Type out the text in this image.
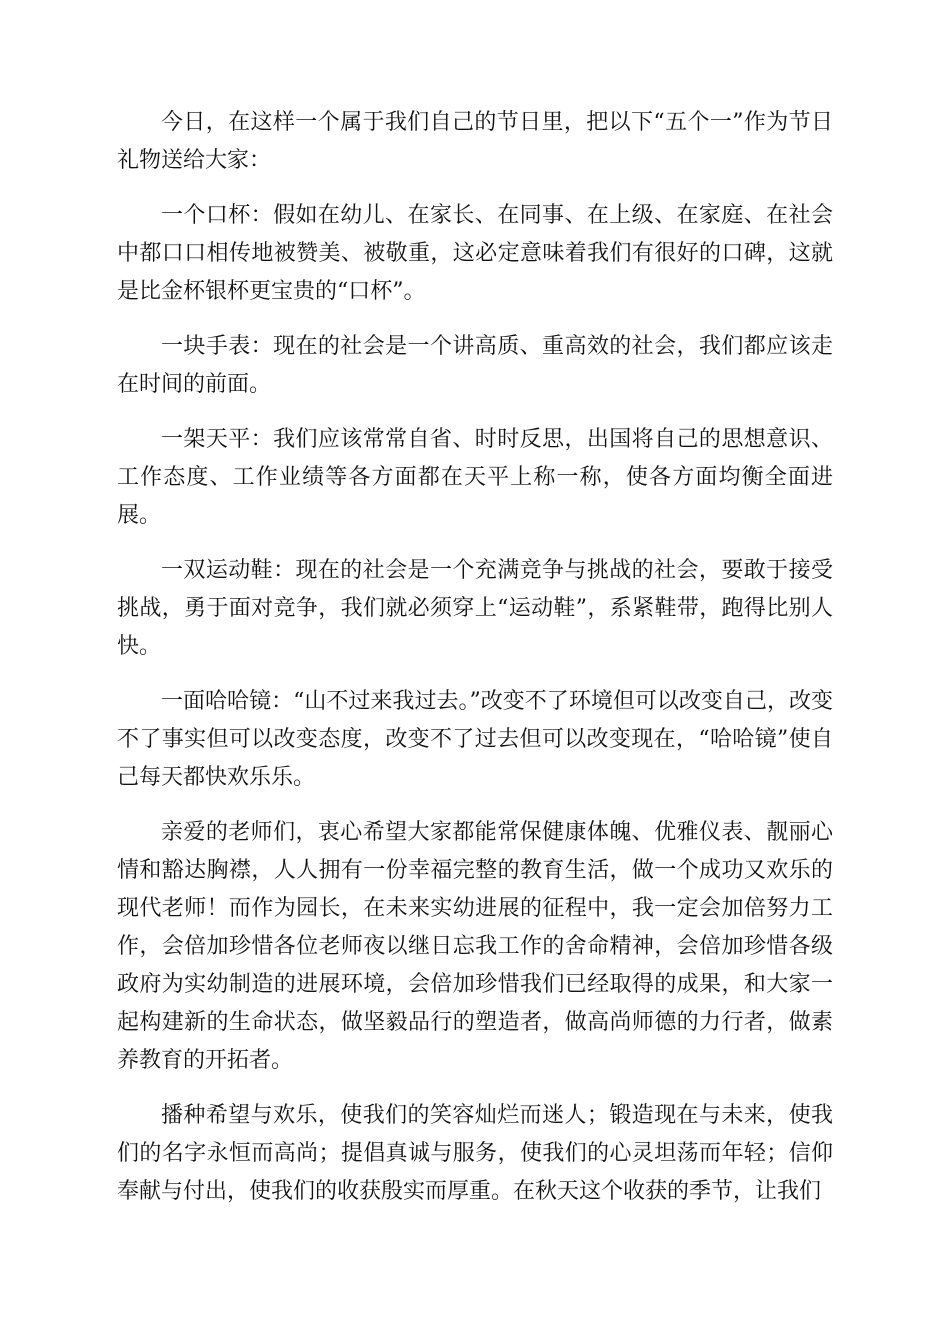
今日，在这样一个属于我们自己的节日里，把以下“五个一”作为节日礼物送给大家：

一个口杯：假如在幼儿、在家长、在同事、在上级、在家庭、在社会中都口口相传地被赞美、被敬重，这必定意味着我们有很好的口碑，这就是比金杯银杯更宝贵的“口杯”。

一块手表：现在的社会是一个讲高质、重高效的社会，我们都应该走在时间的前面。

一架天平：我们应该常常自省、时时反思，出国将自己的思想意识、工作态度、工作业绩等各方面都在天平上称一称，使各方面均衡全面进展。

一双运动鞋：现在的社会是一个充满竞争与挑战的社会，要敢于接受挑战，勇于面对竞争，我们就必须穿上“运动鞋”，系紧鞋带，跑得比别人快。

一面哈哈镜：“山不过来我过去。”改变不了环境但可以改变自己，改变不了事实但可以改变态度，改变不了过去但可以改变现在，“哈哈镜”使自己每天都快欢乐乐。

亲爱的老师们，衷心希望大家都能常保健康体魄、优雅仪表、靓丽心情和豁达胸襟，人人拥有一份幸福完整的教育生活，做一个成功又欢乐的现代老师！而作为园长，在未来实幼进展的征程中，我一定会加倍努力工作，会倍加珍惜各位老师夜以继日忘我工作的舍命精神，会倍加珍惜各级政府为实幼制造的进展环境，会倍加珍惜我们已经取得的成果，和大家一起构建新的生命状态，做坚毅品行的塑造者，做高尚师德的力行者，做素养教育的开拓者。

播种希望与欢乐，使我们的笑容灿烂而迷人；锻造现在与未来，使我们的名字永恒而高尚；提倡真诚与服务，使我们的心灵坦荡而年轻；信仰奉献与付出，使我们的收获殷实而厚重。在秋天这个收获的季节，让我们
